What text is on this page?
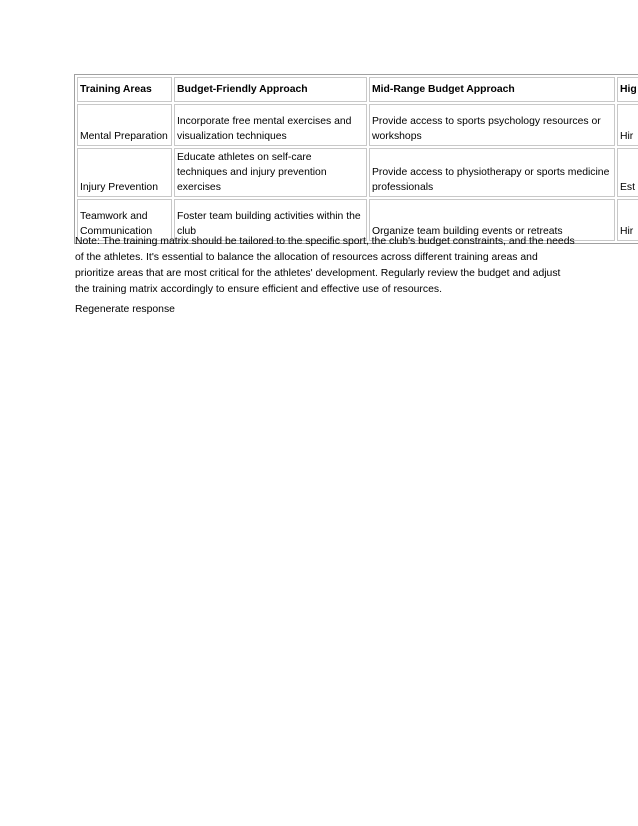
Training Areas	Budget-Friendly Approach	Mid-Range Budget Approach	Hig
Mental Preparation	Incorporate free mental exercises and visualization techniques	Provide access to sports psychology resources or workshops	Hir
Injury Prevention	Educate athletes on self-care techniques and injury prevention exercises	Provide access to physiotherapy or sports medicine professionals	Est
Teamwork and Communication	Foster team building activities within the club	Organize team building events or retreats	Hir
Note: The training matrix should be tailored to the specific sport, the club's budget constraints, and the needs of the athletes. It's essential to balance the allocation of resources across different training areas and prioritize areas that are most critical for the athletes' development. Regularly review the budget and adjust the training matrix accordingly to ensure efficient and effective use of resources.
Regenerate response
